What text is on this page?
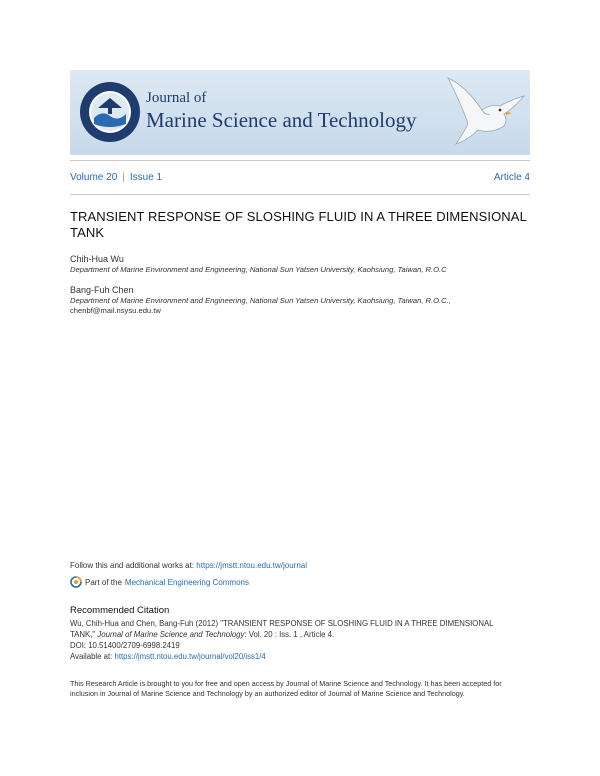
Journal of
Marine Science and Technology
Volume 20 | Issue 1	Article 4
TRANSIENT RESPONSE OF SLOSHING FLUID IN A THREE DIMENSIONAL
TANK
Chih-Hua Wu
Department of Marine Environment and Engineering, National Sun Yatsen University, Kaohsiung, Taiwan, R.O.C
Bang-Fuh Chen
Department of Marine Environment and Engineering, National Sun Yatsen University, Kaohsiung, Taiwan, R.O.C.,
chenbf@mail.nsysu.edu.tw
Follow this and additional works at: https://jmstt.ntou.edu.tw/journal
Part of the Mechanical Engineering Commons
Recommended Citation
Wu, Chih-Hua and Chen, Bang-Fuh (2012) "TRANSIENT RESPONSE OF SLOSHING FLUID IN A THREE DIMENSIONAL
TANK," Journal of Marine Science and Technology: Vol. 20 : Iss. 1 , Article 4.
DOI: 10.51400/2709-6998.2419
Available at: https://jmstt.ntou.edu.tw/journal/vol20/iss1/4
This Research Article is brought to you for free and open access by Journal of Marine Science and Technology. It has been accepted for inclusion in Journal of Marine Science and Technology by an authorized editor of Journal of Marine Science and Technology.
